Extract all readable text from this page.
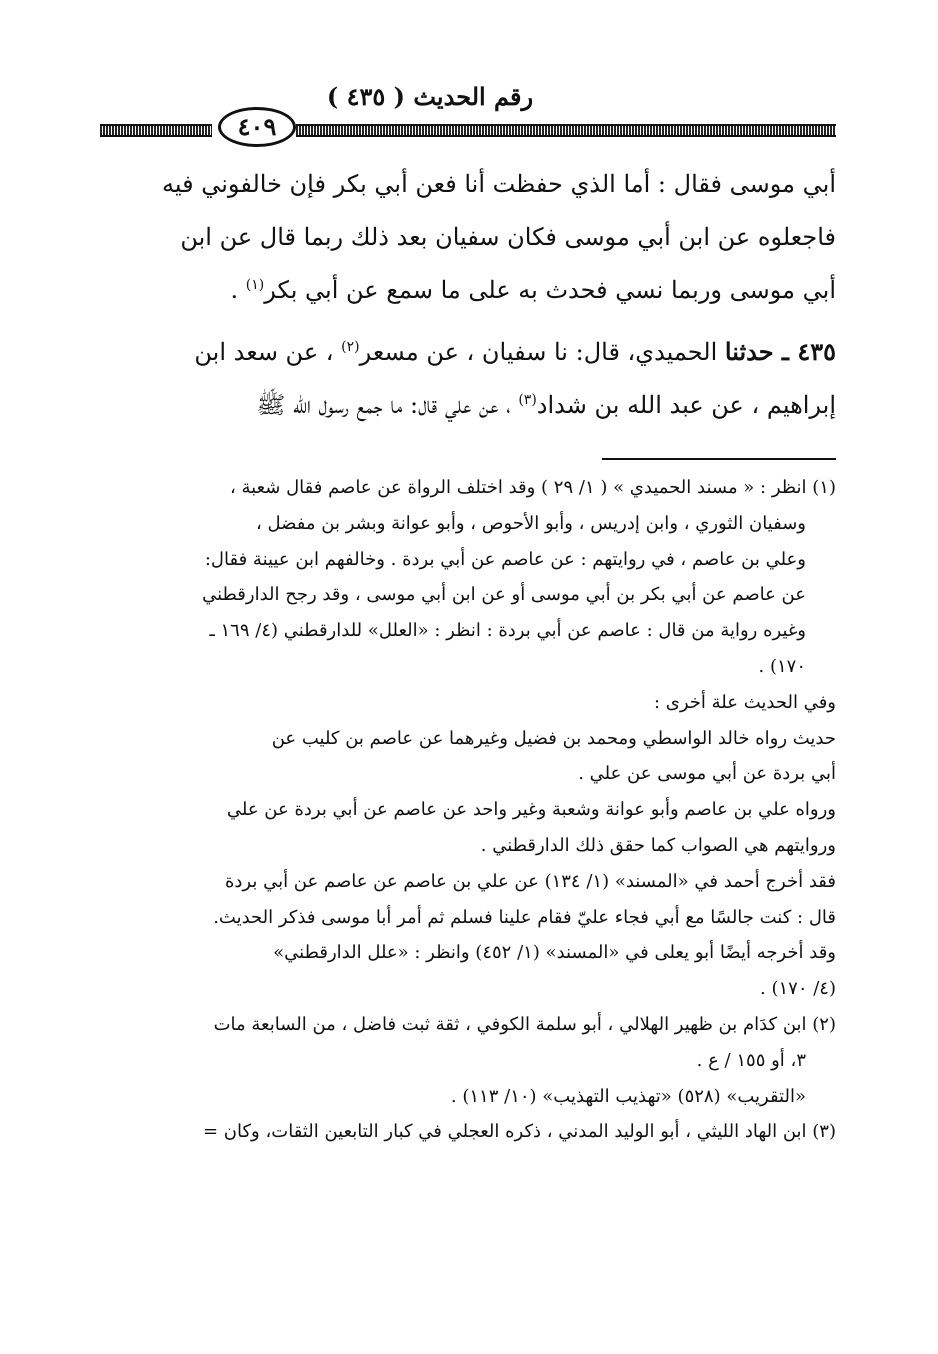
رقم الحديث ( ٤٣٥ )
٤٠٩

أبي موسى فقال : أما الذي حفظت أنا فعن أبي بكر فإن خالفوني فيه

فاجعلوه عن ابن أبي موسى فكان سفيان بعد ذلك ربما قال عن ابن

أبي موسى وربما نسي فحدث به على ما سمع عن أبي بكر$^{(١)}$ .

٤٣٥ ـ حدثنا الحميدي، قال: نا سفيان ، عن مسعر$^{(٢)}$ ، عن سعد ابن

إبراهيم ، عن عبد الله بن شداد$^{(٣)}$ ، عن علي قال: ما جمع رسول الله ﷺ

(١) انظر : « مسند الحميدي » ( ١/ ٢٩ ) وقد اختلف الرواة عن عاصم فقال شعبة ،

وسفيان الثوري ، وابن إدريس ، وأبو الأحوص ، وأبو عوانة وبشر بن مفضل ،

وعلي بن عاصم ، في روايتهم : عن عاصم عن أبي بردة . وخالفهم ابن عيينة فقال:

عن عاصم عن أبي بكر بن أبي موسى أو عن ابن أبي موسى ، وقد رجح الدارقطني

وغيره رواية من قال : عاصم عن أبي بردة : انظر : «العلل» للدارقطني (٤/ ١٦٩ ـ

١٧٠) .

وفي الحديث علة أخرى :

حديث رواه خالد الواسطي ومحمد بن فضيل وغيرهما عن عاصم بن كليب عن

أبي بردة عن أبي موسى عن علي .

ورواه علي بن عاصم وأبو عوانة وشعبة وغير واحد عن عاصم عن أبي بردة عن علي

وروايتهم هي الصواب كما حقق ذلك الدارقطني .

فقد أخرج أحمد في «المسند» (١/ ١٣٤) عن علي بن عاصم عن عاصم عن أبي بردة

قال : كنت جالسًا مع أبي فجاء عليّ فقام علينا فسلم ثم أمر أبا موسى فذكر الحديث.

وقد أخرجه أيضًا أبو يعلى في «المسند» (١/ ٤٥٢) وانظر : «علل الدارقطني»

(٤/ ١٧٠) .

(٢) ابن كدَام بن ظهير الهلالي ، أبو سلمة الكوفي ، ثقة ثبت فاضل ، من السابعة مات

٣، أو ١٥٥ / ع .

«التقريب» (٥٢٨) «تهذيب التهذيب» (١٠/ ١١٣) .

(٣) ابن الهاد الليثي ، أبو الوليد المدني ، ذكره العجلي في كبار التابعين الثقات، وكان =
